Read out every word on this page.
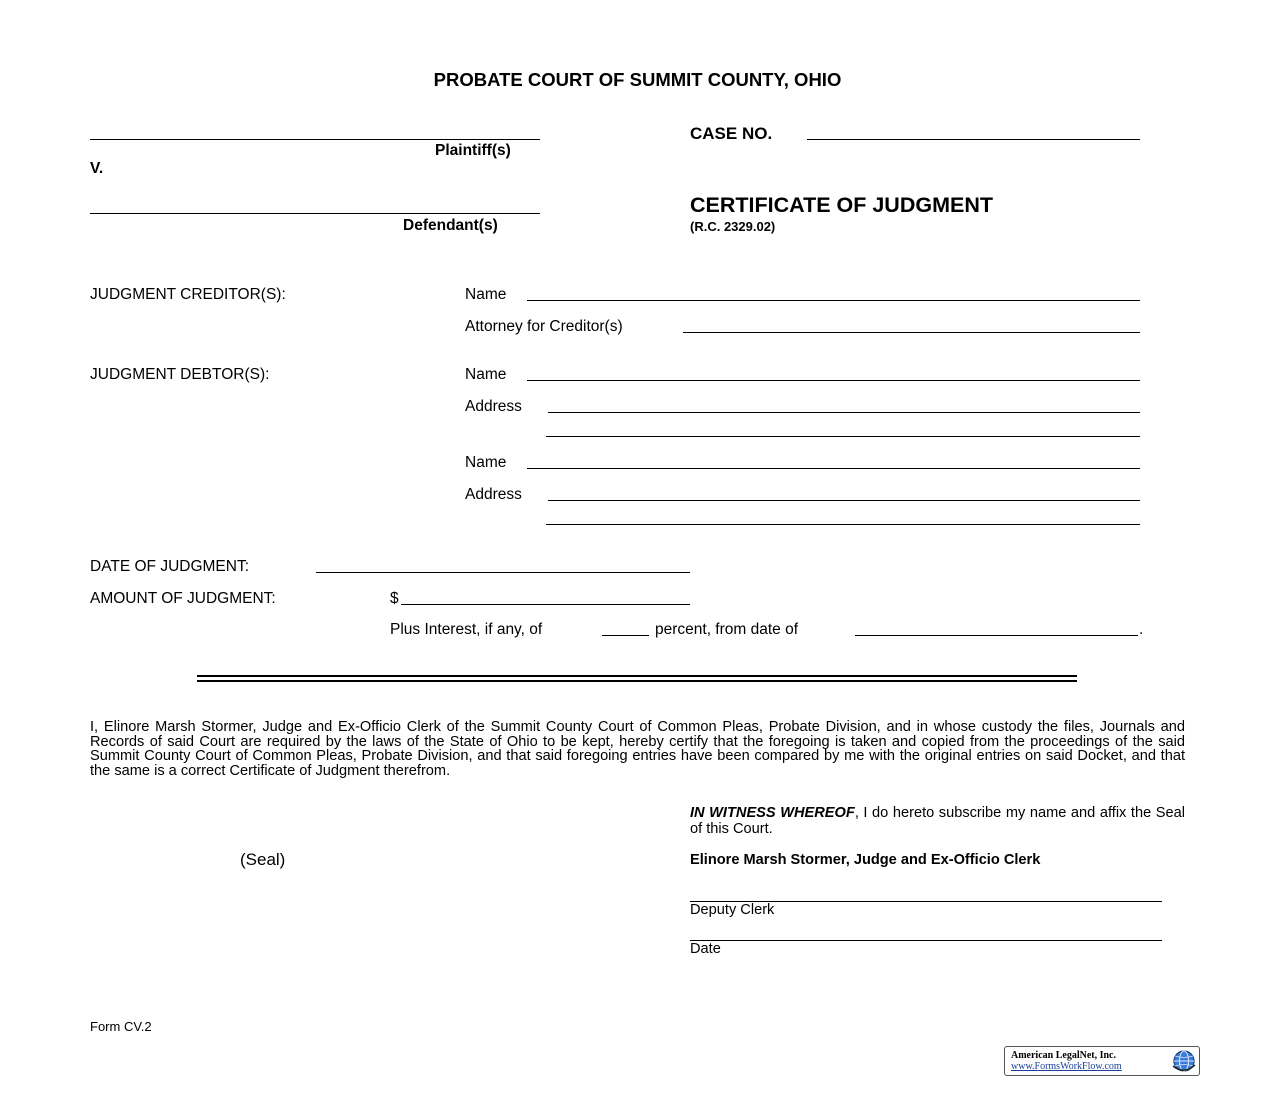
PROBATE COURT OF SUMMIT COUNTY, OHIO
Plaintiff(s)
V.
Defendant(s)
CASE NO.
CERTIFICATE OF JUDGMENT
(R.C. 2329.02)
JUDGMENT CREDITOR(S):	Name
Attorney for Creditor(s)
JUDGMENT DEBTOR(S):	Name
Address
Name
Address
DATE OF JUDGMENT:
AMOUNT OF JUDGMENT:	$
Plus Interest, if any, of	percent, from date of	.
I, Elinore Marsh Stormer, Judge and Ex-Officio Clerk of the Summit County Court of Common Pleas, Probate Division, and in whose custody the files, Journals and Records of said Court are required by the laws of the State of Ohio to be kept, hereby certify that the foregoing is taken and copied from the proceedings of the said Summit County Court of Common Pleas, Probate Division, and that said foregoing entries have been compared by me with the original entries on said Docket, and that the same is a correct Certificate of Judgment therefrom.
IN WITNESS WHEREOF, I do hereto subscribe my name and affix the Seal of this Court.
(Seal)	Elinore Marsh Stormer, Judge and Ex-Officio Clerk
Deputy Clerk
Date
Form CV.2
American LegalNet, Inc.
www.FormsWorkFlow.com
